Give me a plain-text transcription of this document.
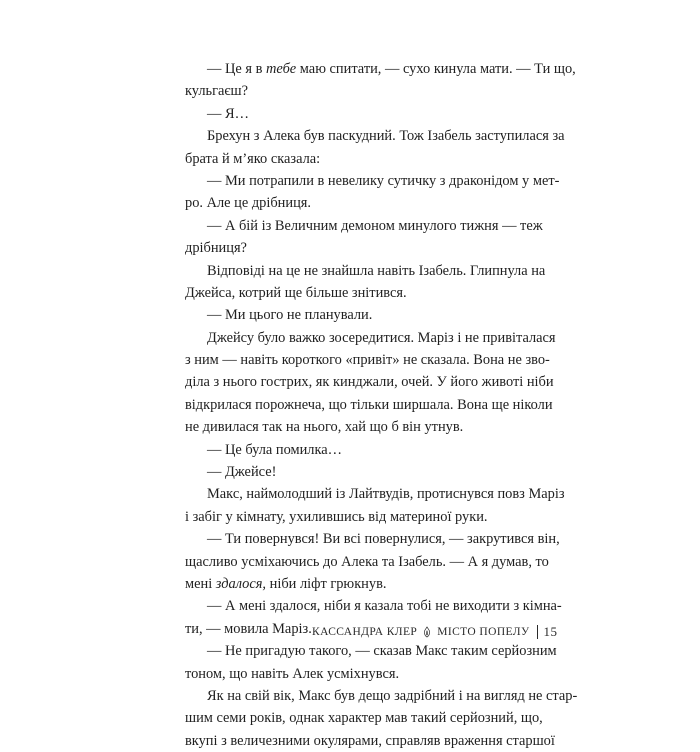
— Це я в тебе маю спитати, — сухо кинула мати. — Ти що,
кульгаєш?
— Я…
Брехун з Алека був паскудний. Тож Ізабель заступилася за
брата й м’яко сказала:
— Ми потрапили в невелику сутичку з драконідом у мет-
ро. Але це дрібниця.
— А бій із Величним демоном минулого тижня — теж
дрібниця?
Відповіді на це не знайшла навіть Ізабель. Глипнула на
Джейса, котрий ще більше знітився.
— Ми цього не планували.
Джейсу було важко зосередитися. Маріз і не привіталася
з ним — навіть короткого «привіт» не сказала. Вона не зво-
діла з нього гострих, як кинджали, очей. У його животі ніби
відкрилася порожнеча, що тільки ширшала. Вона ще ніколи
не дивилася так на нього, хай що б він утнув.
— Це була помилка…
— Джейсе!
Макс, наймолодший із Лайтвудів, протиснувся повз Маріз
і забіг у кімнату, ухилившись від материної руки.
— Ти повернувся! Ви всі повернулися, — закрутився він,
щасливо усміхаючись до Алека та Ізабель. — А я думав, то
мені здалося, ніби ліфт грюкнув.
— А мені здалося, ніби я казала тобі не виходити з кімна-
ти, — мовила Маріз.
— Не пригадую такого, — сказав Макс таким серйозним
тоном, що навіть Алек усміхнувся.
Як на свій вік, Макс був дещо задрібний і на вигляд не стар-
шим семи років, однак характер мав такий серйозний, що,
вкупі з величезними окулярами, справляв враження старшої
КАССАНДРА КЛЕР МІСТО ПОПЕЛУ 15
